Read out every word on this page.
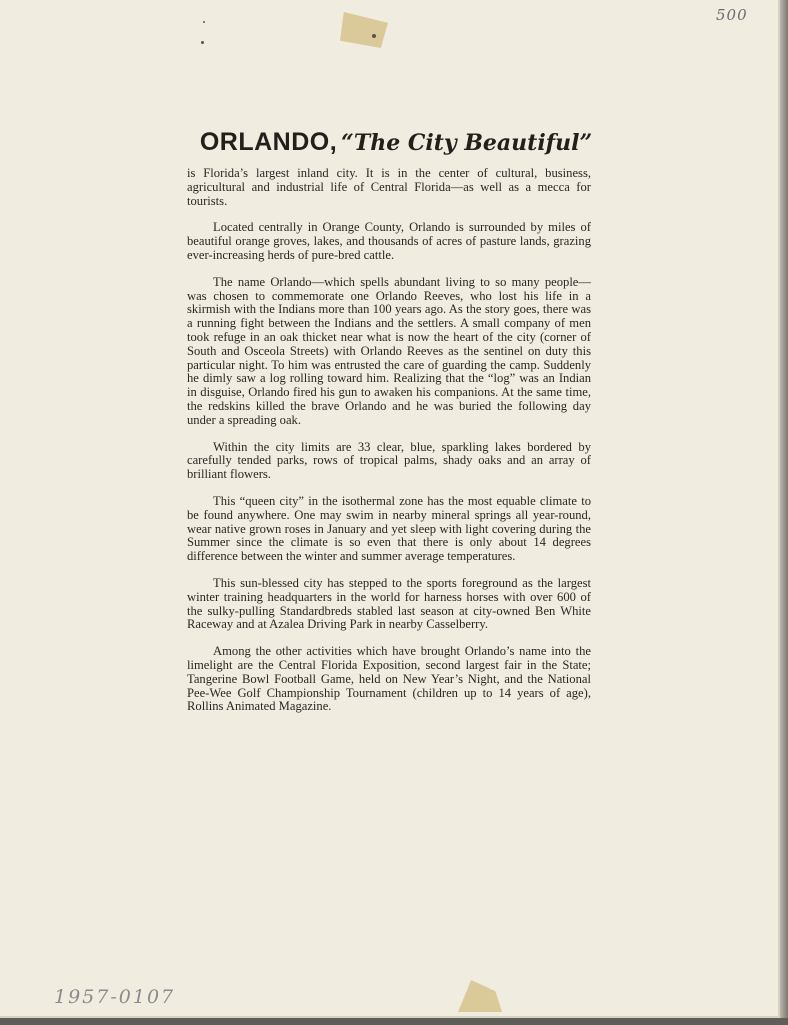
500
ORLANDO, “The City Beautiful”

is Florida’s largest inland city. It is in the center of cultural, business, agricultural and industrial life of Central Florida—as well as a mecca for tourists.

Located centrally in Orange County, Orlando is surrounded by miles of beautiful orange groves, lakes, and thousands of acres of pasture lands, grazing ever-increasing herds of pure-bred cattle.

The name Orlando—which spells abundant living to so many people— was chosen to commemorate one Orlando Reeves, who lost his life in a skirmish with the Indians more than 100 years ago. As the story goes, there was a running fight between the Indians and the settlers. A small company of men took refuge in an oak thicket near what is now the heart of the city (corner of South and Osceola Streets) with Orlando Reeves as the sentinel on duty this particular night. To him was entrusted the care of guarding the camp. Suddenly he dimly saw a log rolling toward him. Realizing that the “log” was an Indian in disguise, Orlando fired his gun to awaken his companions. At the same time, the redskins killed the brave Orlando and he was buried the following day under a spreading oak.

Within the city limits are 33 clear, blue, sparkling lakes bordered by carefully tended parks, rows of tropical palms, shady oaks and an array of brilliant flowers.

This “queen city” in the isothermal zone has the most equable climate to be found anywhere. One may swim in nearby mineral springs all year-round, wear native grown roses in January and yet sleep with light covering during the Summer since the climate is so even that there is only about 14 degrees difference between the winter and summer average temperatures.

This sun-blessed city has stepped to the sports foreground as the largest winter training headquarters in the world for harness horses with over 600 of the sulky-pulling Standardbreds stabled last season at city-owned Ben White Raceway and at Azalea Driving Park in nearby Casselberry.

Among the other activities which have brought Orlando’s name into the limelight are the Central Florida Exposition, second largest fair in the State; Tangerine Bowl Football Game, held on New Year’s Night, and the National Pee-Wee Golf Championship Tournament (children up to 14 years of age), Rollins Animated Magazine.

1957-0107
